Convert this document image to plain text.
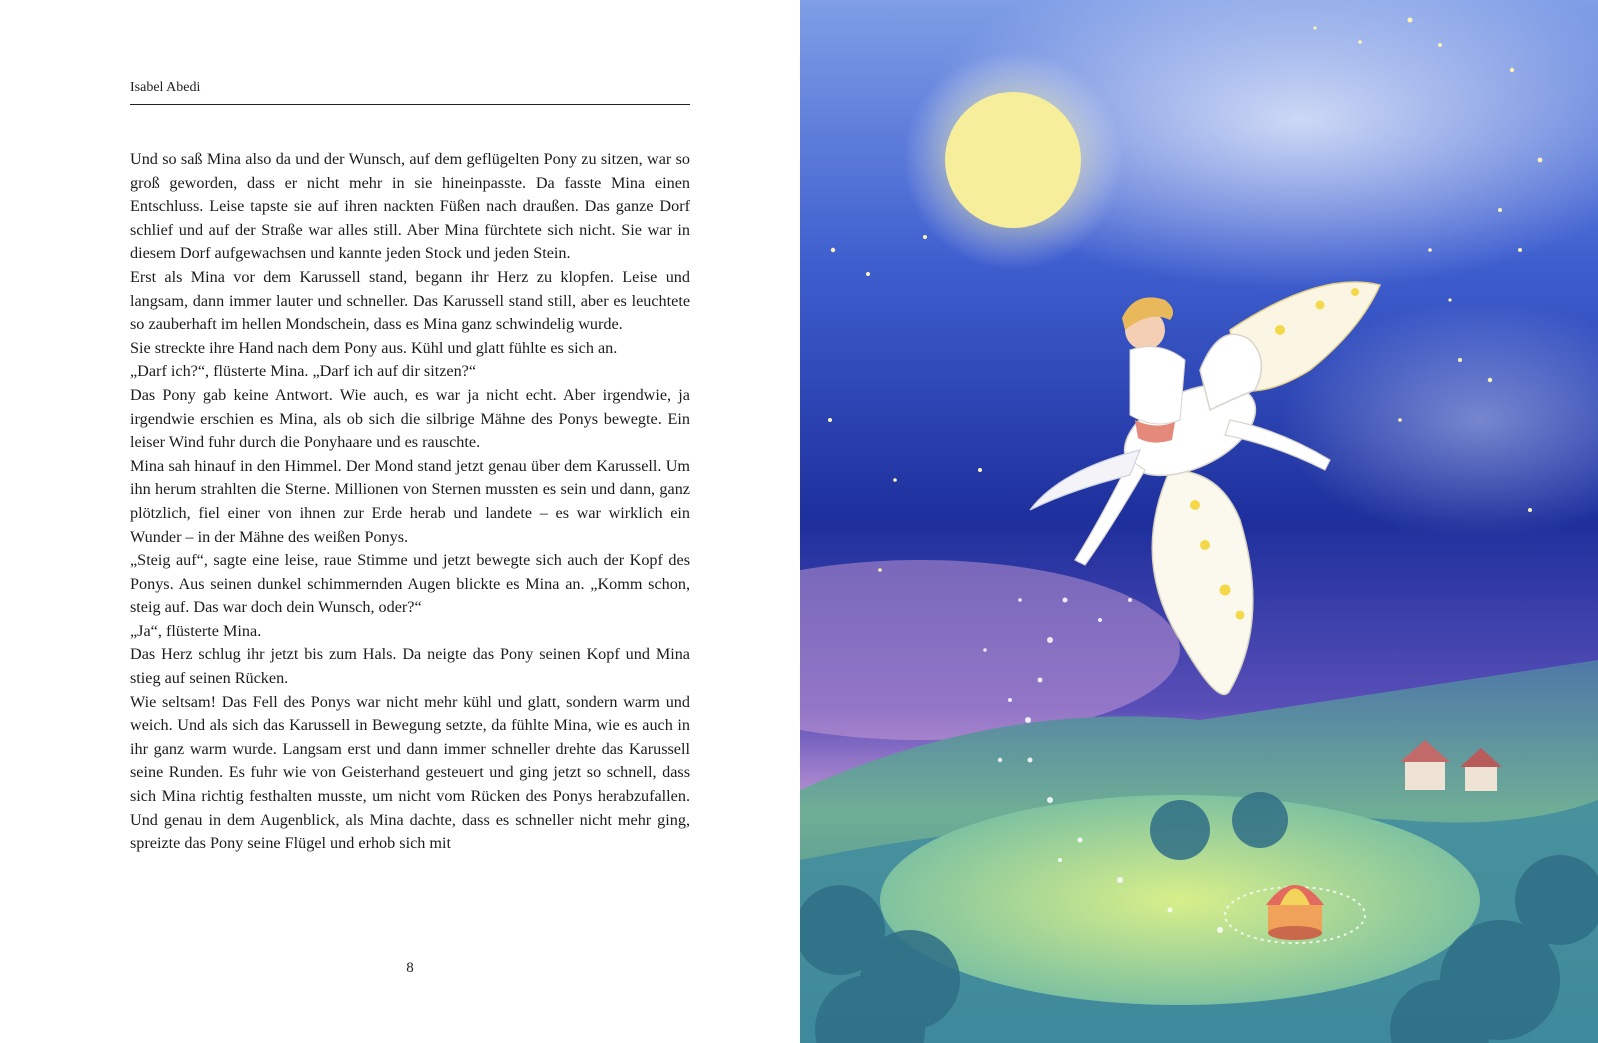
Isabel Abedi

Und so saß Mina also da und der Wunsch, auf dem geflügelten Pony zu sitzen, war so groß geworden, dass er nicht mehr in sie hineinpasste. Da fasste Mina einen Entschluss. Leise tapste sie auf ihren nackten Füßen nach draußen. Das ganze Dorf schlief und auf der Straße war alles still. Aber Mina fürchtete sich nicht. Sie war in diesem Dorf aufgewachsen und kannte jeden Stock und jeden Stein.

Erst als Mina vor dem Karussell stand, begann ihr Herz zu klopfen. Leise und langsam, dann immer lauter und schneller. Das Karussell stand still, aber es leuchtete so zauberhaft im hellen Mondschein, dass es Mina ganz schwindelig wurde.

Sie streckte ihre Hand nach dem Pony aus. Kühl und glatt fühlte es sich an.

„Darf ich?“, flüsterte Mina. „Darf ich auf dir sitzen?“

Das Pony gab keine Antwort. Wie auch, es war ja nicht echt. Aber irgendwie, ja irgendwie erschien es Mina, als ob sich die silbrige Mähne des Ponys bewegte. Ein leiser Wind fuhr durch die Ponyhaare und es rauschte.

Mina sah hinauf in den Himmel. Der Mond stand jetzt genau über dem Karussell. Um ihn herum strahlten die Sterne. Millionen von Sternen mussten es sein und dann, ganz plötzlich, fiel einer von ihnen zur Erde herab und landete – es war wirklich ein Wunder – in der Mähne des weißen Ponys.

„Steig auf“, sagte eine leise, raue Stimme und jetzt bewegte sich auch der Kopf des Ponys. Aus seinen dunkel schimmernden Augen blickte es Mina an. „Komm schon, steig auf. Das war doch dein Wunsch, oder?“

„Ja“, flüsterte Mina.

Das Herz schlug ihr jetzt bis zum Hals. Da neigte das Pony seinen Kopf und Mina stieg auf seinen Rücken.

Wie seltsam! Das Fell des Ponys war nicht mehr kühl und glatt, sondern warm und weich. Und als sich das Karussell in Bewegung setzte, da fühlte Mina, wie es auch in ihr ganz warm wurde. Langsam erst und dann immer schneller drehte das Karussell seine Runden. Es fuhr wie von Geisterhand gesteuert und ging jetzt so schnell, dass sich Mina richtig festhalten musste, um nicht vom Rücken des Ponys herabzufallen. Und genau in dem Augenblick, als Mina dachte, dass es schneller nicht mehr ging, spreizte das Pony seine Flügel und erhob sich mit

8
